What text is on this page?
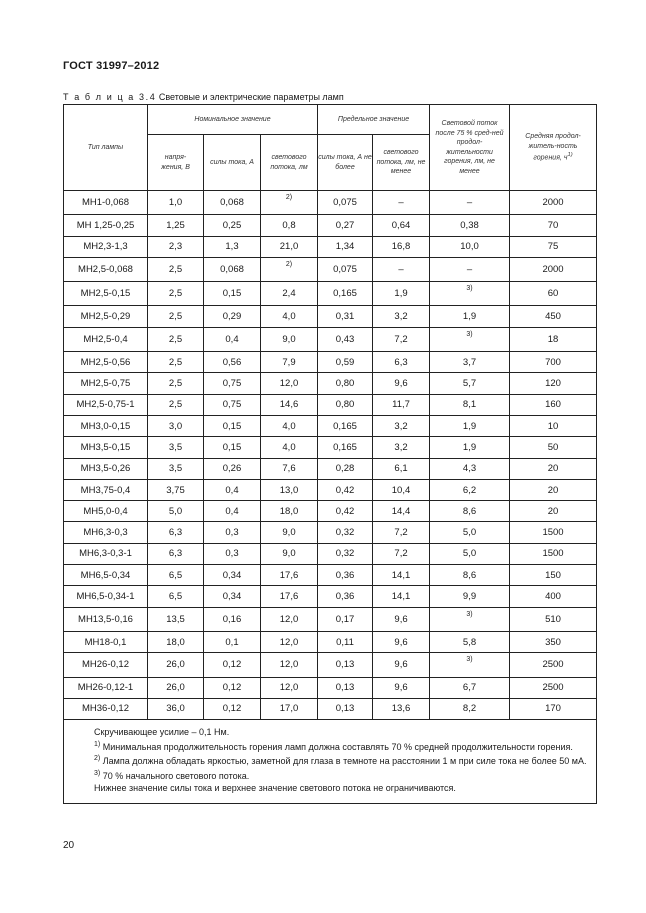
ГОСТ 31997–2012
Т а б л и ц а 3.4 Световые и электрические параметры ламп
Тип лампы	Номинальное значение			Предельное значение		Световой поток после 75 % сред-ней продол-жительности горения, лм, не менее	Средняя продол-житель-ность горения, $ч^{1)}$
	напря-жения, В	силы тока, А	светового потока, лм	силы тока, А не более	светового потока, лм, не менее		
МН1-0,068	1,0	0,068	2)	0,075	–	–	2000
МН 1,25-0,25	1,25	0,25	0,8	0,27	0,64	0,38	70
МН2,3-1,3	2,3	1,3	21,0	1,34	16,8	10,0	75
МН2,5-0,068	2,5	0,068	2)	0,075	–	–	2000
МН2,5-0,15	2,5	0,15	2,4	0,165	1,9	3)	60
МН2,5-0,29	2,5	0,29	4,0	0,31	3,2	1,9	450
МН2,5-0,4	2,5	0,4	9,0	0,43	7,2	3)	18
МН2,5-0,56	2,5	0,56	7,9	0,59	6,3	3,7	700
МН2,5-0,75	2,5	0,75	12,0	0,80	9,6	5,7	120
МН2,5-0,75-1	2,5	0,75	14,6	0,80	11,7	8,1	160
МН3,0-0,15	3,0	0,15	4,0	0,165	3,2	1,9	10
МН3,5-0,15	3,5	0,15	4,0	0,165	3,2	1,9	50
МН3,5-0,26	3,5	0,26	7,6	0,28	6,1	4,3	20
МН3,75-0,4	3,75	0,4	13,0	0,42	10,4	6,2	20
МН5,0-0,4	5,0	0,4	18,0	0,42	14,4	8,6	20
МН6,3-0,3	6,3	0,3	9,0	0,32	7,2	5,0	1500
МН6,3-0,3-1	6,3	0,3	9,0	0,32	7,2	5,0	1500
МН6,5-0,34	6,5	0,34	17,6	0,36	14,1	8,6	150
МН6,5-0,34-1	6,5	0,34	17,6	0,36	14,1	9,9	400
МН13,5-0,16	13,5	0,16	12,0	0,17	9,6	3)	510
МН18-0,1	18,0	0,1	12,0	0,11	9,6	5,8	350
МН26-0,12	26,0	0,12	12,0	0,13	9,6	3)	2500
МН26-0,12-1	26,0	0,12	12,0	0,13	9,6	6,7	2500
МН36-0,12	36,0	0,12	17,0	0,13	13,6	8,2	170

Скручивающее усилие – 0,1 Нм.
$^{1)}$ Минимальная продолжительность горения ламп должна составлять 70 % средней продолжительности горения.
$^{2)}$ Лампа должна обладать яркостью, заметной для глаза в темноте на расстоянии 1 м при силе тока не более 50 мА.
$^{3)}$ 70 % начального светового потока.
Нижнее значение силы тока и верхнее значение светового потока не ограничиваются.							
20
